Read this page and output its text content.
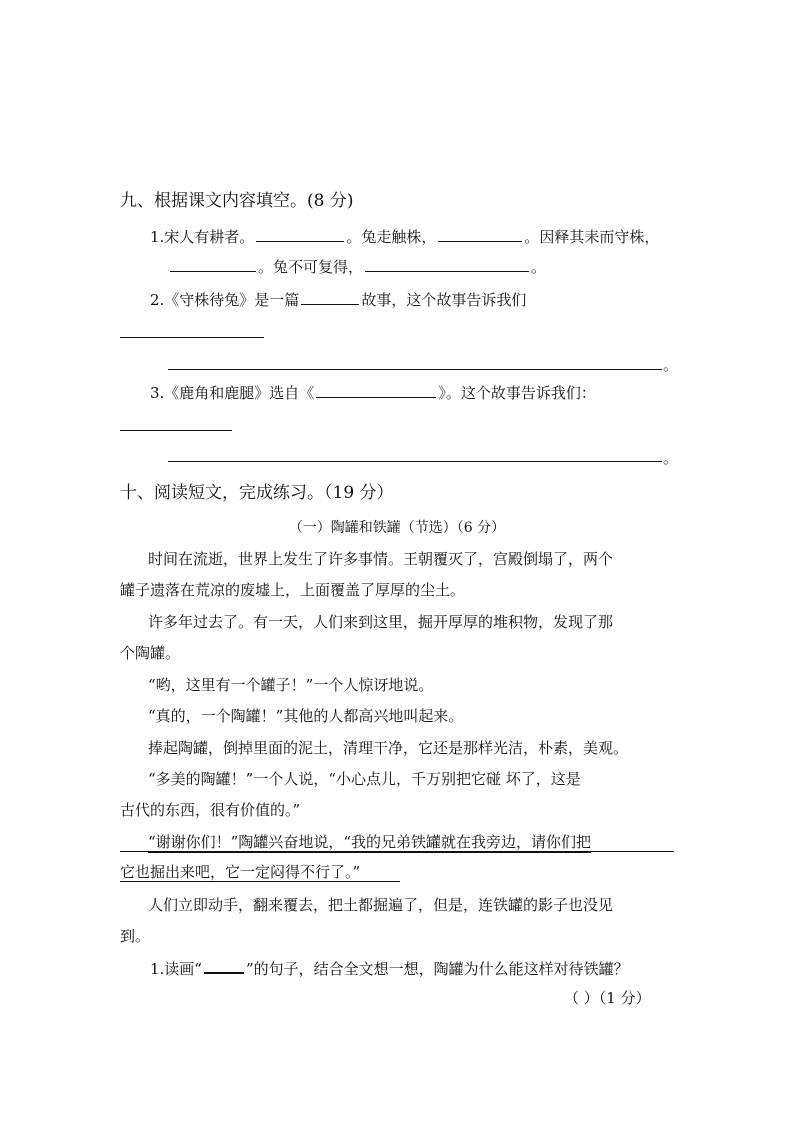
九、根据课文内容填空。(8 分)
1.宋人有耕者。	。兔走触株，	。因释其耒而守株，
。兔不可复得，	。
2.《守株待兔》是一篇	故事，这个故事告诉我们
。
3.《鹿角和鹿腿》选自《	》。这个故事告诉我们：
。
十、阅读短文，完成练习。（19 分）
（一）陶罐和铁罐（节选）（6 分）
时间在流逝，世界上发生了许多事情。王朝覆灭了，宫殿倒塌了，两个
罐子遗落在荒凉的废墟上，上面覆盖了厚厚的尘土。
许多年过去了。有一天，人们来到这里，掘开厚厚的堆积物，发现了那
个陶罐。
“哟，这里有一个罐子！”一个人惊讶地说。
“真的，一个陶罐！”其他的人都高兴地叫起来。
捧起陶罐，倒掉里面的泥土，清理干净，它还是那样光洁，朴素，美观。
“多美的陶罐！”一个人说，“小心点儿，千万别把它碰 坏了，这是
古代的东西，很有价值的。”
“谢谢你们！”陶罐兴奋地说，“我的兄弟铁罐就在我旁边，请你们把
它也掘出来吧，它一定闷得不行了。”
人们立即动手，翻来覆去，把土都掘遍了，但是，连铁罐的影子也没见
到。
1.读画“	”的句子，结合全文想一想，陶罐为什么能这样对待铁罐？
（ ）（1 分）
